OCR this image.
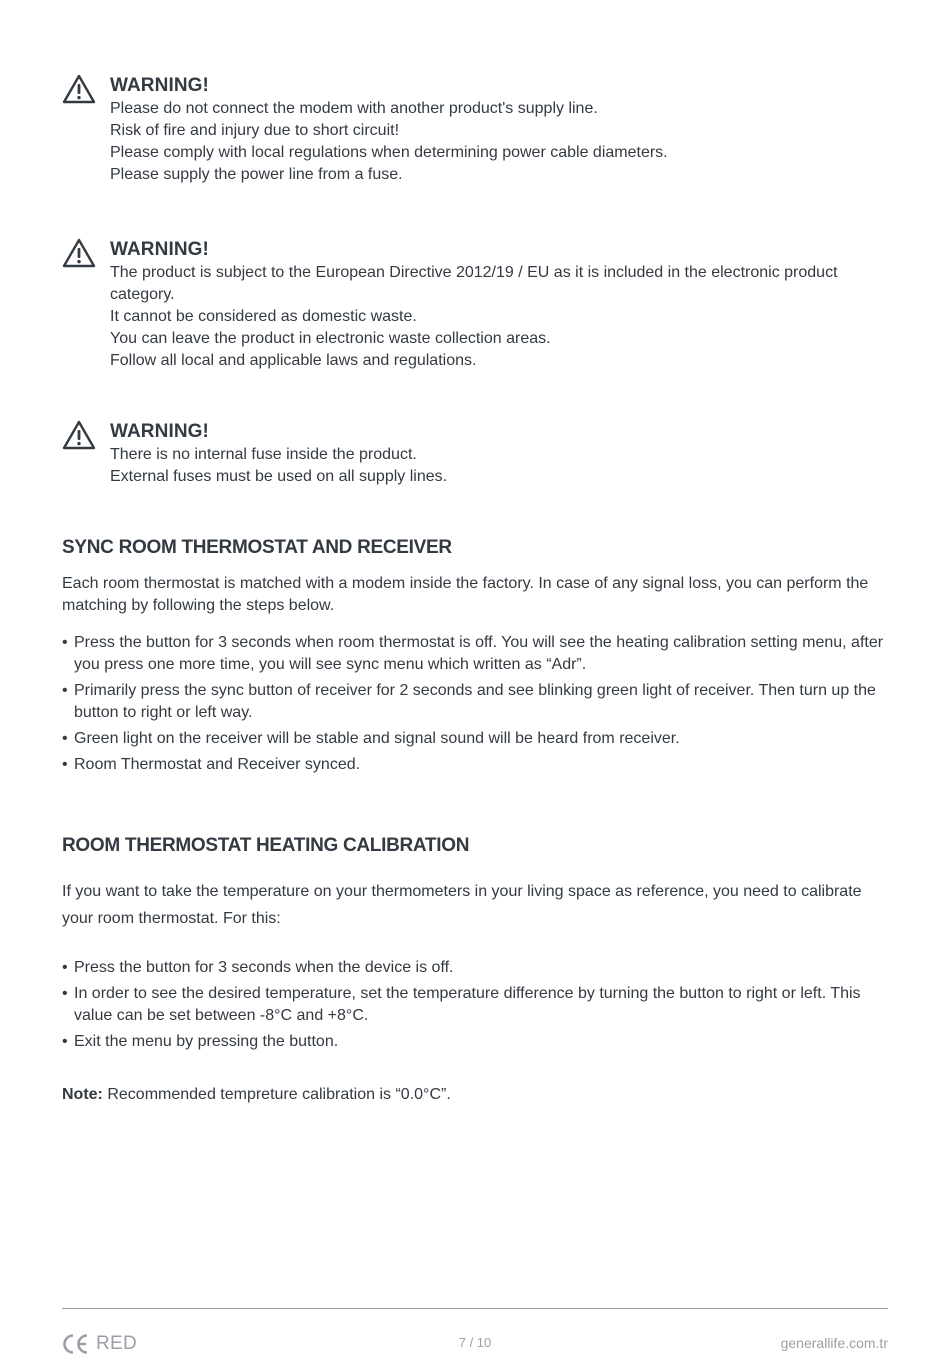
WARNING!

Please do not connect the modem with another product's supply line.

Risk of fire and injury due to short circuit!

Please comply with local regulations when determining power cable diameters.

Please supply the power line from a fuse.

WARNING!

The product is subject to the European Directive 2012/19 / EU as it is included in the electronic product category.

It cannot be considered as domestic waste.

You can leave the product in electronic waste collection areas.

Follow all local and applicable laws and regulations.

WARNING!

There is no internal fuse inside the product.

External fuses must be used on all supply lines.

SYNC ROOM THERMOSTAT AND RECEIVER

Each room thermostat is matched with a modem inside the factory. In case of any signal loss, you can perform the matching by following the steps below.

• Press the button for 3 seconds when room thermostat is off. You will see the heating calibration setting menu, after you press one more time, you will see sync menu which written as “Adr”.
• Primarily press the sync button of receiver for 2 seconds and see blinking green light of receiver. Then turn up the button to right or left way.
• Green light on the receiver will be stable and signal sound will be heard from receiver.
• Room Thermostat and Receiver synced.
ROOM THERMOSTAT HEATING CALIBRATION

If you want to take the temperature on your thermometers in your living space as reference, you need to calibrate your room thermostat. For this:

• Press the button for 3 seconds when the device is off.
• In order to see the desired temperature, set the temperature difference by turning the button to right or left. This value can be set between -8°C and +8°C.
• Exit the menu by pressing the button.

Note: Recommended tempreture calibration is “0.0°C”.

RED	7 / 10	generallife.com.tr
